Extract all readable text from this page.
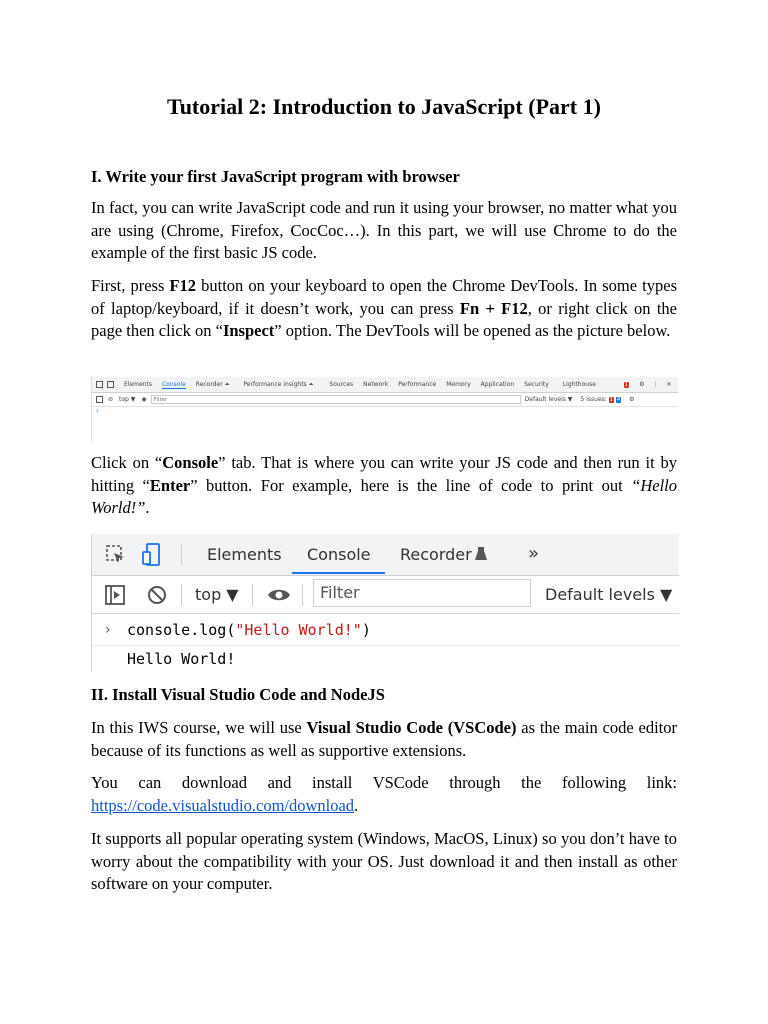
Tutorial 2: Introduction to JavaScript (Part 1)
I. Write your first JavaScript program with browser

In fact, you can write JavaScript code and run it using your browser, no matter what you are using (Chrome, Firefox, CocCoc…). In this part, we will use Chrome to do the example of the first basic JS code.

First, press F12 button on your keyboard to open the Chrome DevTools. In some types of laptop/keyboard, if it doesn’t work, you can press Fn + F12, or right click on the page then click on “Inspect” option. The DevTools will be opened as the picture below.

Elements Console Recorder ⏶ Performance insights ⏶	Sources Network Performance Memory Application Security Lighthouse	1 ⚙ ⋮ ✕
⊘ top ▼ ◉	Filter	Default levels ▼ 5 Issues: 1 4 ⚙
›

Click on “Console” tab. That is where you can write your JS code and then run it by hitting “Enter” button. For example, here is the line of code to print out “Hello World!”.

Elements Console Recorder	»
top ▼	Filter	Default levels ▼
› console.log("Hello World!")
Hello World!
II. Install Visual Studio Code and NodeJS

In this IWS course, we will use Visual Studio Code (VSCode) as the main code editor because of its functions as well as supportive extensions.

You can download and install VSCode through the following link: https://code.visualstudio.com/download.

It supports all popular operating system (Windows, MacOS, Linux) so you don’t have to worry about the compatibility with your OS. Just download it and then install as other software on your computer.
